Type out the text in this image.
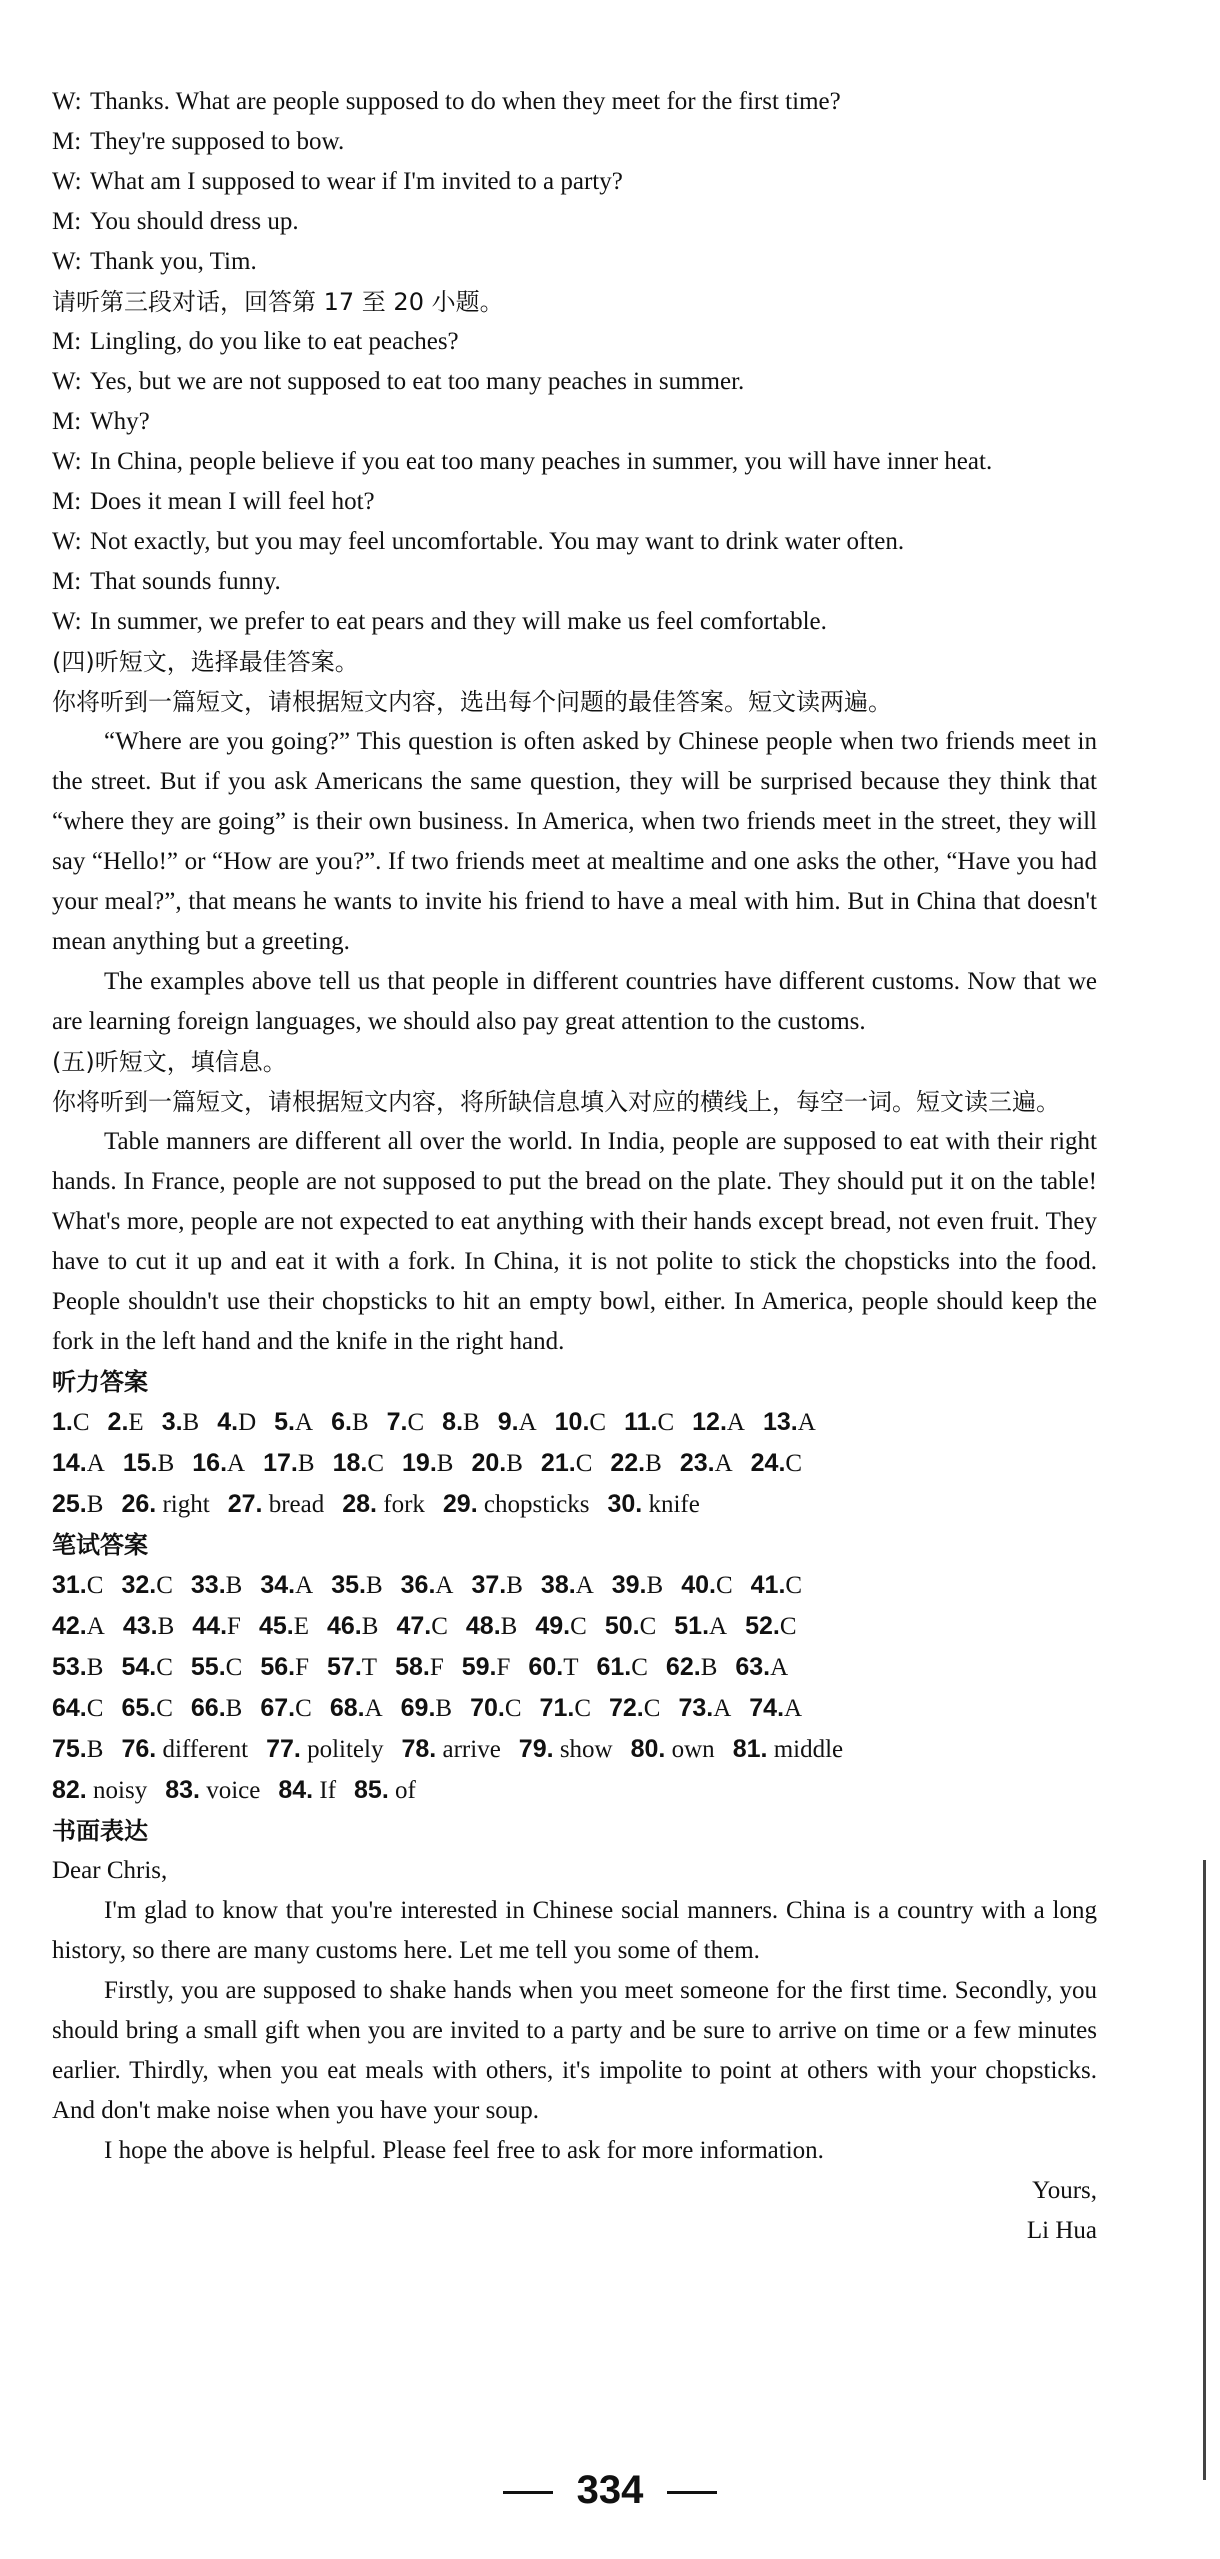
W: Thanks. What are people supposed to do when they meet for the first time?
M: They're supposed to bow.
W: What am I supposed to wear if I'm invited to a party?
M: You should dress up.
W: Thank you, Tim.
请听第三段对话，回答第 17 至 20 小题。
M: Lingling, do you like to eat peaches?
W: Yes, but we are not supposed to eat too many peaches in summer.
M: Why?
W: In China, people believe if you eat too many peaches in summer, you will have inner heat.
M: Does it mean I will feel hot?
W: Not exactly, but you may feel uncomfortable. You may want to drink water often.
M: That sounds funny.
W: In summer, we prefer to eat pears and they will make us feel comfortable.
(四)听短文，选择最佳答案。
你将听到一篇短文，请根据短文内容，选出每个问题的最佳答案。短文读两遍。

“Where are you going?” This question is often asked by Chinese people when two friends meet in the street. But if you ask Americans the same question, they will be surprised because they think that “where they are going” is their own business. In America, when two friends meet in the street, they will say “Hello!” or “How are you?”. If two friends meet at mealtime and one asks the other, “Have you had your meal?”, that means he wants to invite his friend to have a meal with him. But in China that doesn't mean anything but a greeting.

The examples above tell us that people in different countries have different customs. Now that we are learning foreign languages, we should also pay great attention to the customs.

(五)听短文，填信息。
你将听到一篇短文，请根据短文内容，将所缺信息填入对应的横线上，每空一词。短文读三遍。

Table manners are different all over the world. In India, people are supposed to eat with their right hands. In France, people are not supposed to put the bread on the plate. They should put it on the table! What's more, people are not expected to eat anything with their hands except bread, not even fruit. They have to cut it up and eat it with a fork. In China, it is not polite to stick the chopsticks into the food. People shouldn't use their chopsticks to hit an empty bowl, either. In America, people should keep the fork in the left hand and the knife in the right hand.

听力答案
1.C 2.E 3.B 4.D 5.A 6.B 7.C 8.B 9.A 10.C 11.C 12.A 13.A
14.A 15.B 16.A 17.B 18.C 19.B 20.B 21.C 22.B 23.A 24.C
25.B 26. right 27. bread 28. fork 29. chopsticks 30. knife
笔试答案
31.C 32.C 33.B 34.A 35.B 36.A 37.B 38.A 39.B 40.C 41.C
42.A 43.B 44.F 45.E 46.B 47.C 48.B 49.C 50.C 51.A 52.C
53.B 54.C 55.C 56.F 57.T 58.F 59.F 60.T 61.C 62.B 63.A
64.C 65.C 66.B 67.C 68.A 69.B 70.C 71.C 72.C 73.A 74.A
75.B 76. different 77. politely 78. arrive 79. show 80. own 81. middle
82. noisy 83. voice 84. If 85. of
书面表达
Dear Chris,

I'm glad to know that you're interested in Chinese social manners. China is a country with a long history, so there are many customs here. Let me tell you some of them.

Firstly, you are supposed to shake hands when you meet someone for the first time. Secondly, you should bring a small gift when you are invited to a party and be sure to arrive on time or a few minutes earlier. Thirdly, when you eat meals with others, it's impolite to point at others with your chopsticks. And don't make noise when you have your soup.

I hope the above is helpful. Please feel free to ask for more information.

Yours,
Li Hua
334
